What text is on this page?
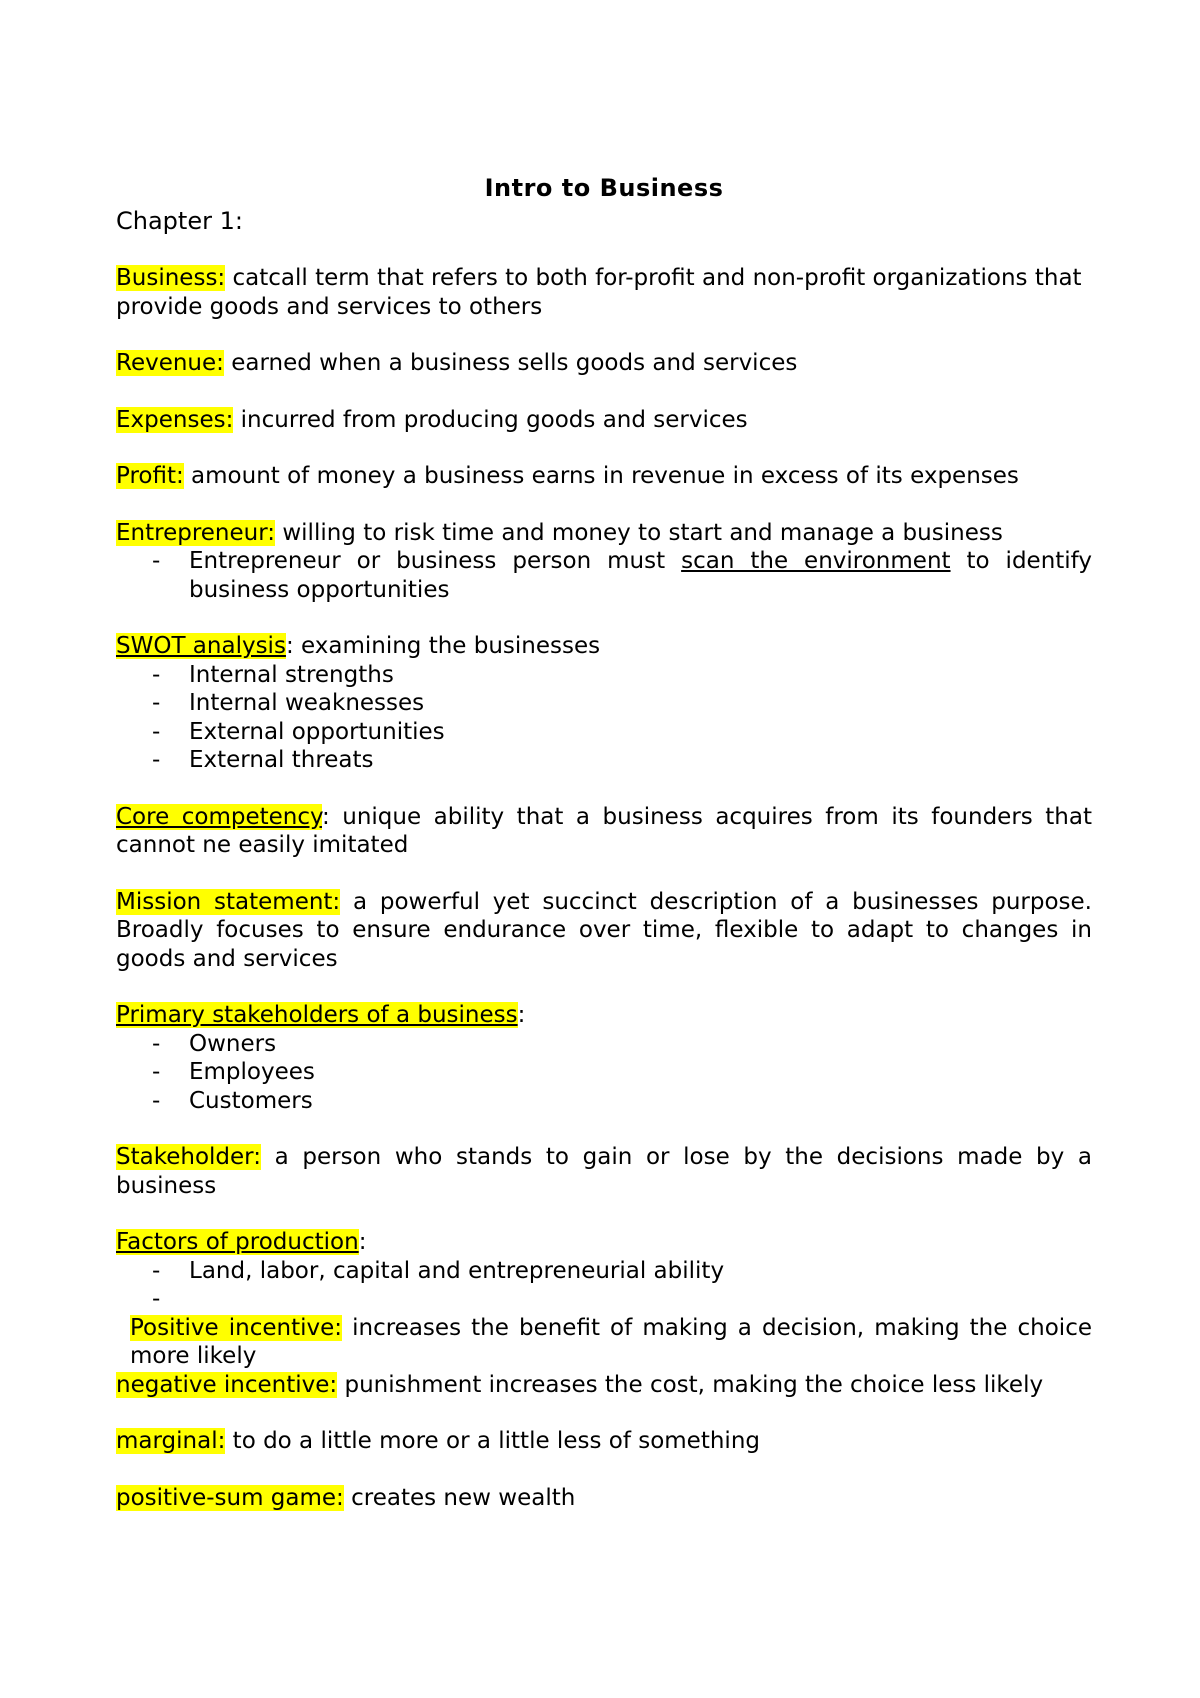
Intro to Business

Chapter 1:

Business: catcall term that refers to both for-profit and non-profit organizations that provide goods and services to others

Revenue: earned when a business sells goods and services

Expenses: incurred from producing goods and services

Profit: amount of money a business earns in revenue in excess of its expenses

Entrepreneur: willing to risk time and money to start and manage a business

- Entrepreneur or business person must scan the environment to identify business opportunities

SWOT analysis: examining the businesses

- Internal strengths
- Internal weaknesses
- External opportunities
- External threats

Core competency: unique ability that a business acquires from its founders that cannot ne easily imitated

Mission statement: a powerful yet succinct description of a businesses purpose. Broadly focuses to ensure endurance over time, flexible to adapt to changes in goods and services

Primary stakeholders of a business:

- Owners
- Employees
- Customers

Stakeholder: a person who stands to gain or lose by the decisions made by a business

Factors of production:

- Land, labor, capital and entrepreneurial ability
-

Positive incentive: increases the benefit of making a decision, making the choice more likely

negative incentive: punishment increases the cost, making the choice less likely

marginal: to do a little more or a little less of something

positive-sum game: creates new wealth
